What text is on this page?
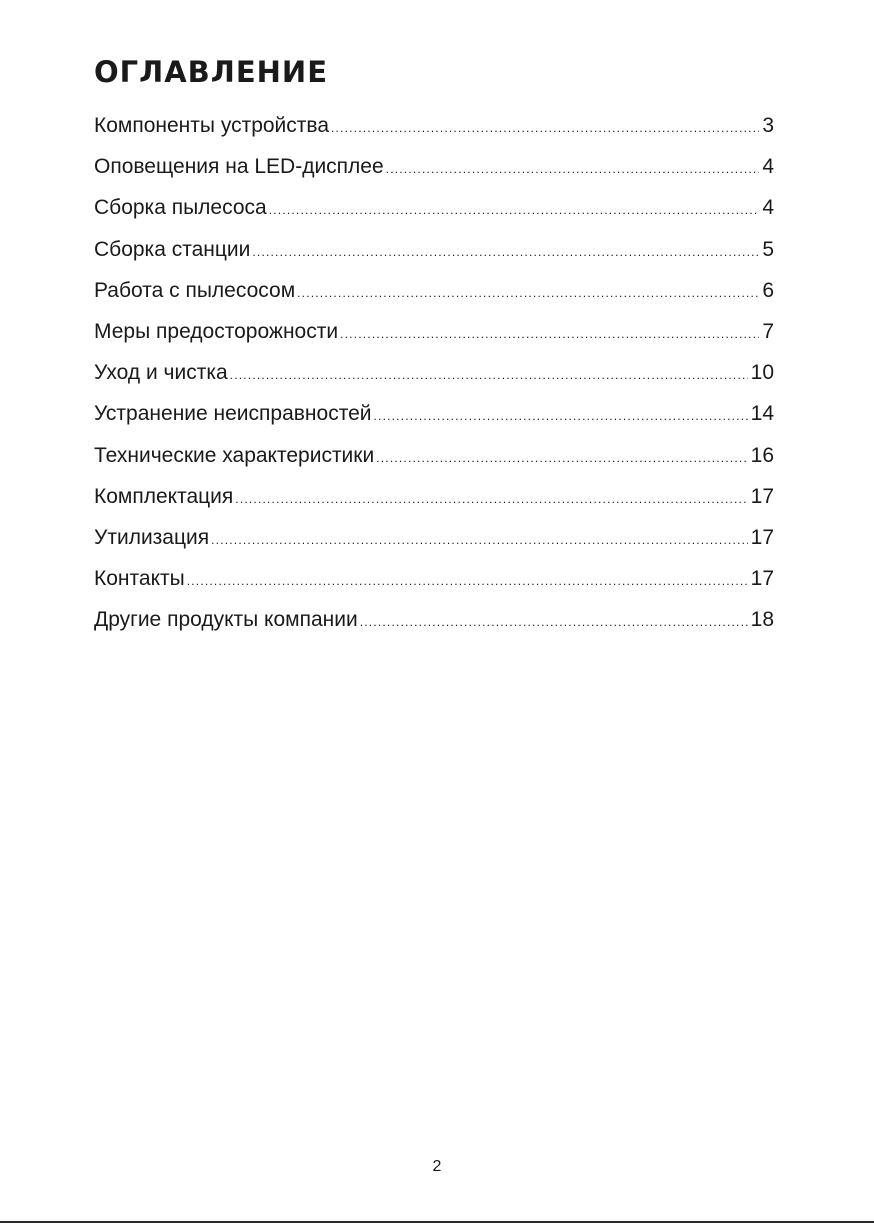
ОГЛАВЛЕНИЕ
Компоненты устройства .....	3
Оповещения на LED-дисплее .....	4
Сборка пылесоса .....	4
Сборка станции .....	5
Работа с пылесосом .....	6
Меры предосторожности .....	7
Уход и чистка .....	10
Устранение неисправностей .....	14
Технические характеристики .....	16
Комплектация .....	17
Утилизация .....	17
Контакты .....	17
Другие продукты компании .....	18
2
